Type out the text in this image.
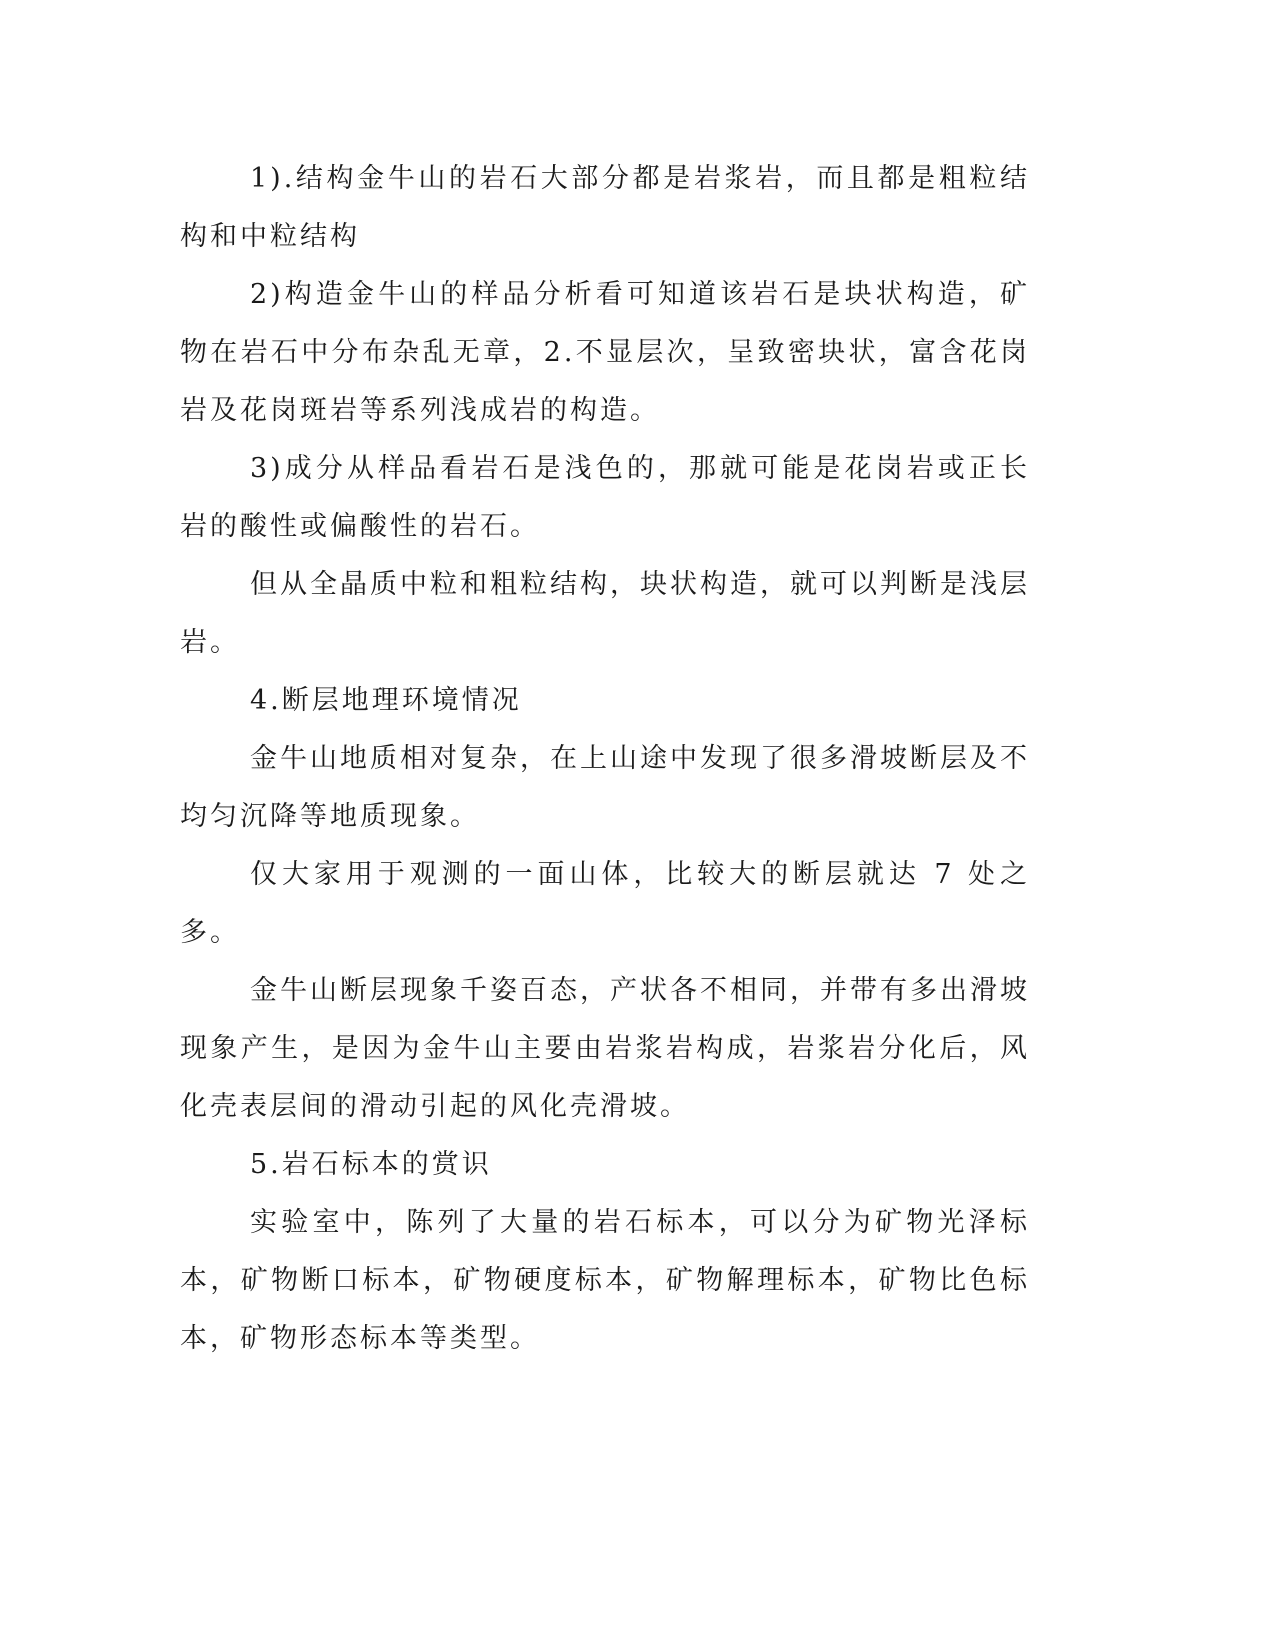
1).结构金牛山的岩石大部分都是岩浆岩，而且都是粗粒结构和中粒结构

2)构造金牛山的样品分析看可知道该岩石是块状构造，矿物在岩石中分布杂乱无章，2.不显层次，呈致密块状，富含花岗岩及花岗斑岩等系列浅成岩的构造。

3)成分从样品看岩石是浅色的，那就可能是花岗岩或正长岩的酸性或偏酸性的岩石。

但从全晶质中粒和粗粒结构，块状构造，就可以判断是浅层岩。

4.断层地理环境情况

金牛山地质相对复杂，在上山途中发现了很多滑坡断层及不均匀沉降等地质现象。

仅大家用于观测的一面山体，比较大的断层就达 7 处之多。

金牛山断层现象千姿百态，产状各不相同，并带有多出滑坡现象产生，是因为金牛山主要由岩浆岩构成，岩浆岩分化后，风化壳表层间的滑动引起的风化壳滑坡。

5.岩石标本的赏识

实验室中，陈列了大量的岩石标本，可以分为矿物光泽标本，矿物断口标本，矿物硬度标本，矿物解理标本，矿物比色标本，矿物形态标本等类型。
